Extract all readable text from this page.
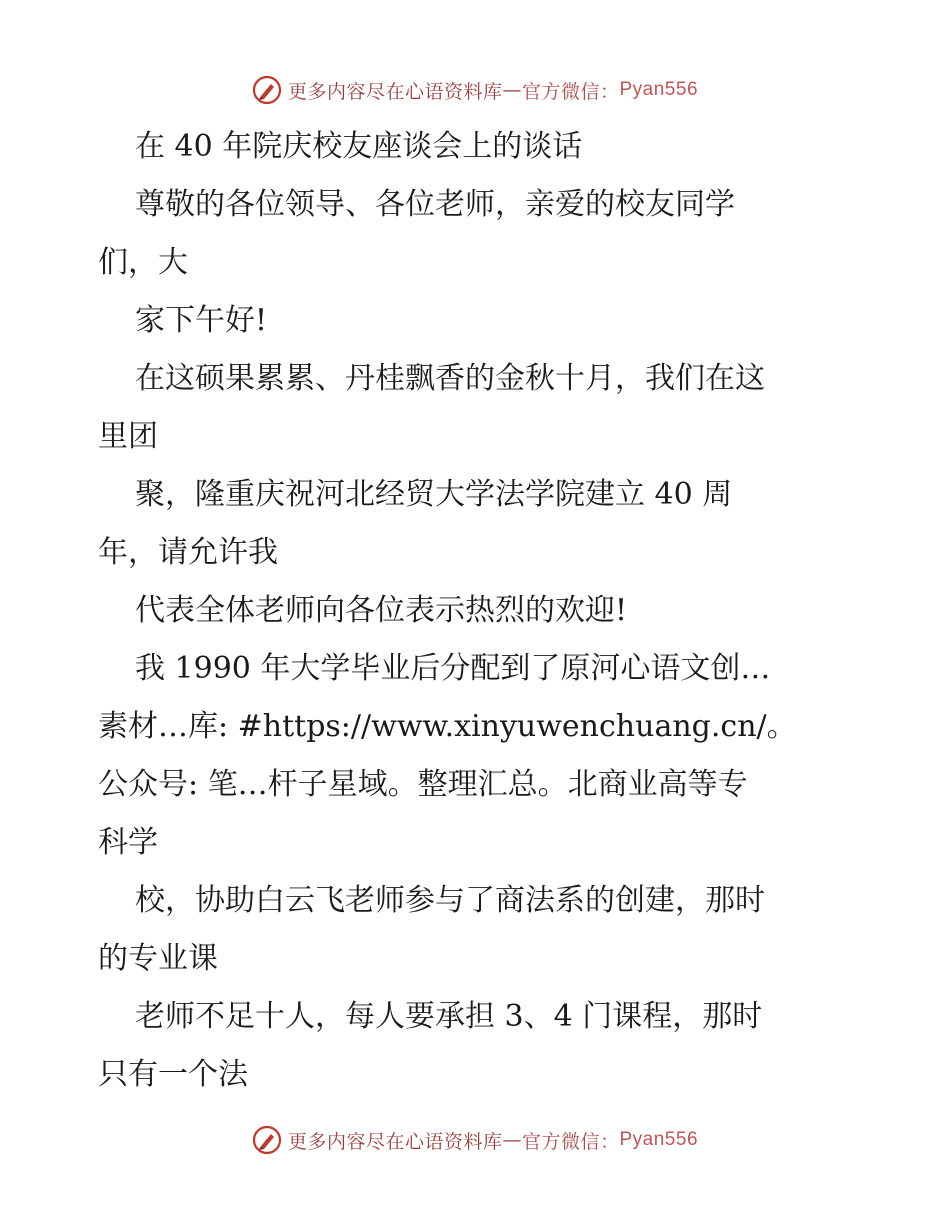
更多内容尽在心语资料库 — 官方微信： Pyan556

在 40 年院庆校友座谈会上的谈话

尊敬的各位领导、各位老师，亲爱的校友同学

们，大

家下午好!

在这硕果累累、丹桂飘香的金秋十月，我们在这

里团

聚，隆重庆祝河北经贸大学法学院建立 40 周

年，请允许我

代表全体老师向各位表示热烈的欢迎!

我 1990 年大学毕业后分配到了原河心语文创…

素材…库: #https://www.xinyuwenchuang.cn/。

公众号: 笔…杆子星域。整理汇总。北商业高等专

科学

校，协助白云飞老师参与了商法系的创建，那时

的专业课

老师不足十人，每人要承担 3、4 门课程，那时

只有一个法

更多内容尽在心语资料库 — 官方微信： Pyan556
